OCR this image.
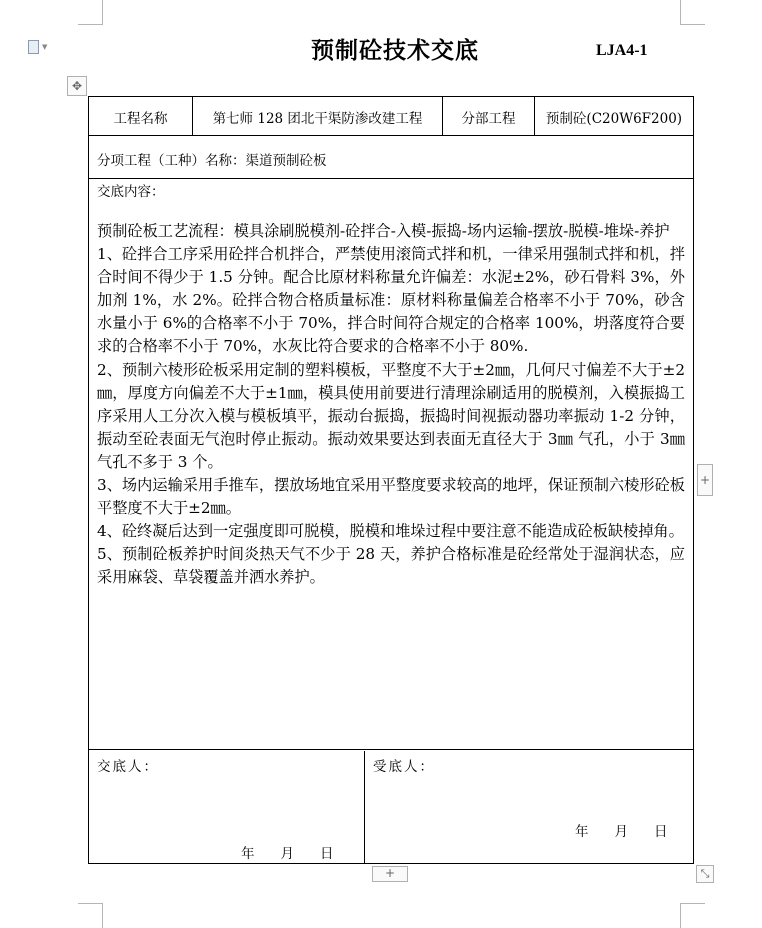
▼
✥
预制砼技术交底	LJA4-1
工程名称	第七师 128 团北干渠防渗改建工程	分部工程	预制砼(C20W6F200)
分项工程（工种）名称：渠道预制砼板
交底内容：

预制砼板工艺流程：模具涂刷脱模剂-砼拌合-入模-振捣-场内运输-摆放-脱模-堆垛-养护

1、砼拌合工序采用砼拌合机拌合，严禁使用滚筒式拌和机，一律采用强制式拌和机，拌合时间不得少于 1.5 分钟。配合比原材料称量允许偏差：水泥±2%，砂石骨料 3%，外加剂 1%，水 2%。砼拌合物合格质量标准：原材料称量偏差合格率不小于 70%，砂含水量小于 6%的合格率不小于 70%，拌合时间符合规定的合格率 100%，坍落度符合要求的合格率不小于 70%，水灰比符合要求的合格率不小于 80%.

2、预制六棱形砼板采用定制的塑料模板，平整度不大于±2㎜，几何尺寸偏差不大于±2㎜，厚度方向偏差不大于±1㎜，模具使用前要进行清理涂刷适用的脱模剂，入模振捣工序采用人工分次入模与模板填平，振动台振捣，振捣时间视振动器功率振动 1-2 分钟，振动至砼表面无气泡时停止振动。振动效果要达到表面无直径大于 3㎜ 气孔，小于 3㎜ 气孔不多于 3 个。

3、场内运输采用手推车，摆放场地宜采用平整度要求较高的地坪，保证预制六棱形砼板平整度不大于±2㎜。

4、砼终凝后达到一定强度即可脱模，脱模和堆垛过程中要注意不能造成砼板缺棱掉角。

5、预制砼板养护时间炎热天气不少于 28 天，养护合格标准是砼经常处于湿润状态，应采用麻袋、草袋覆盖并洒水养护。

交底人：
年 月 日
受底人：
年 月 日
+
+
⤡
